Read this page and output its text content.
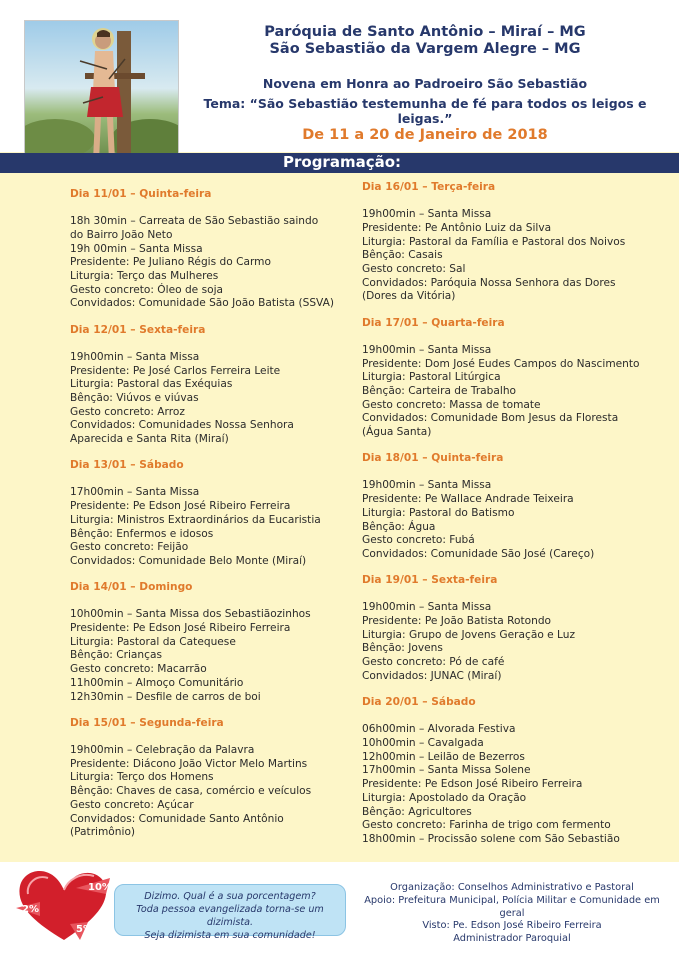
Paróquia de Santo Antônio – Miraí – MG
São Sebastião da Vargem Alegre – MG
Novena em Honra ao Padroeiro São Sebastião
Tema: “São Sebastião testemunha de fé para todos os leigos e leigas.”
De 11 a 20 de Janeiro de 2018
Programação:
Dia 11/01 – Quinta-feira
18h 30min – Carreata de São Sebastião saindo
do Bairro João Neto
19h 00min – Santa Missa
Presidente: Pe Juliano Régis do Carmo
Liturgia: Terço das Mulheres
Gesto concreto: Óleo de soja
Convidados: Comunidade São João Batista (SSVA)
Dia 12/01 – Sexta-feira
19h00min – Santa Missa
Presidente: Pe José Carlos Ferreira Leite
Liturgia: Pastoral das Exéquias
Bênção: Viúvos e viúvas
Gesto concreto: Arroz
Convidados: Comunidades Nossa Senhora
Aparecida e Santa Rita (Miraí)
Dia 13/01 – Sábado
17h00min – Santa Missa
Presidente: Pe Edson José Ribeiro Ferreira
Liturgia: Ministros Extraordinários da Eucaristia
Bênção: Enfermos e idosos
Gesto concreto: Feijão
Convidados: Comunidade Belo Monte (Miraí)
Dia 14/01 – Domingo
10h00min – Santa Missa dos Sebastiãozinhos
Presidente: Pe Edson José Ribeiro Ferreira
Liturgia: Pastoral da Catequese
Bênção: Crianças
Gesto concreto: Macarrão
11h00min – Almoço Comunitário
12h30min – Desfile de carros de boi
Dia 15/01 – Segunda-feira
19h00min – Celebração da Palavra
Presidente: Diácono João Victor Melo Martins
Liturgia: Terço dos Homens
Bênção: Chaves de casa, comércio e veículos
Gesto concreto: Açúcar
Convidados: Comunidade Santo Antônio
(Patrimônio)
Dia 16/01 – Terça-feira
19h00min – Santa Missa
Presidente: Pe Antônio Luiz da Silva
Liturgia: Pastoral da Família e Pastoral dos Noivos
Bênção: Casais
Gesto concreto: Sal
Convidados: Paróquia Nossa Senhora das Dores
(Dores da Vitória)
Dia 17/01 – Quarta-feira
19h00min – Santa Missa
Presidente: Dom José Eudes Campos do Nascimento
Liturgia: Pastoral Litúrgica
Bênção: Carteira de Trabalho
Gesto concreto: Massa de tomate
Convidados: Comunidade Bom Jesus da Floresta
(Água Santa)
Dia 18/01 – Quinta-feira
19h00min – Santa Missa
Presidente: Pe Wallace Andrade Teixeira
Liturgia: Pastoral do Batismo
Bênção: Água
Gesto concreto: Fubá
Convidados: Comunidade São José (Careço)
Dia 19/01 – Sexta-feira
19h00min – Santa Missa
Presidente: Pe João Batista Rotondo
Liturgia: Grupo de Jovens Geração e Luz
Bênção: Jovens
Gesto concreto: Pó de café
Convidados: JUNAC (Miraí)
Dia 20/01 – Sábado
06h00min – Alvorada Festiva
10h00min – Cavalgada
12h00min – Leilão de Bezerros
17h00min – Santa Missa Solene
Presidente: Pe Edson José Ribeiro Ferreira
Liturgia: Apostolado da Oração
Bênção: Agricultores
Gesto concreto: Farinha de trigo com fermento
18h00min – Procissão solene com São Sebastião
10%
2%
5%
Dizimo. Qual é a sua porcentagem?
Toda pessoa evangelizada torna-se um dizimista.
Seja dizimista em sua comunidade!
Organização: Conselhos Administrativo e Pastoral
Apoio: Prefeitura Municipal, Polícia Militar e Comunidade em geral
Visto: Pe. Edson José Ribeiro Ferreira
Administrador Paroquial
